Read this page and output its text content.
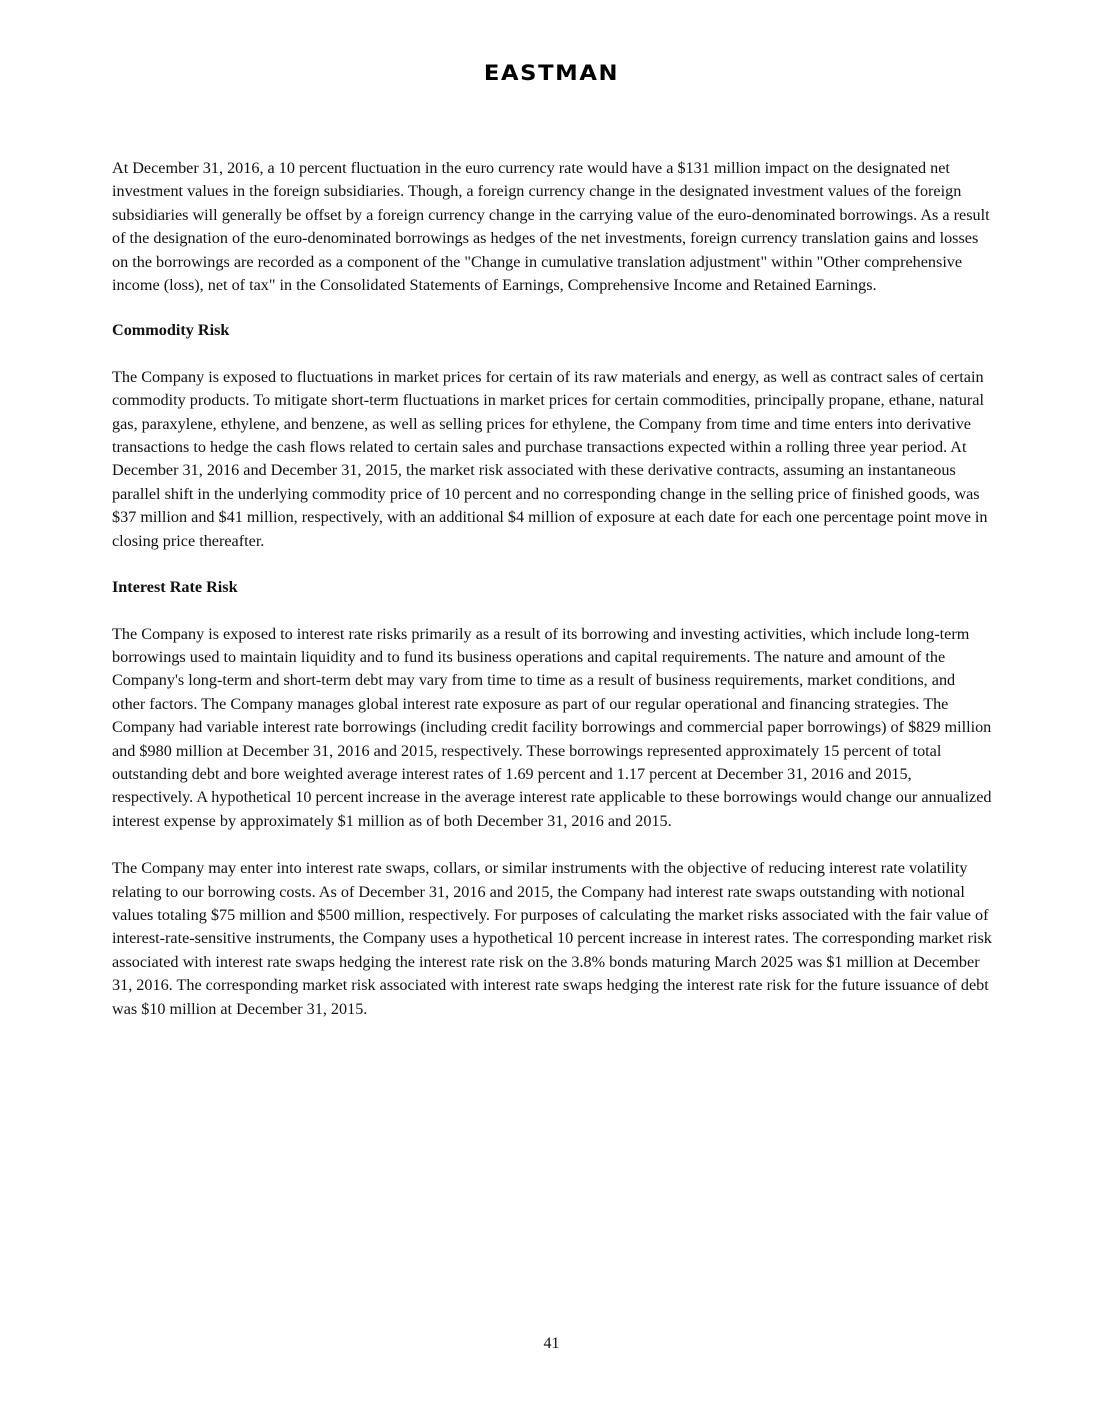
EASTMAN

At December 31, 2016, a 10 percent fluctuation in the euro currency rate would have a $131 million impact on the designated net investment values in the foreign subsidiaries. Though, a foreign currency change in the designated investment values of the foreign subsidiaries will generally be offset by a foreign currency change in the carrying value of the euro-denominated borrowings. As a result of the designation of the euro-denominated borrowings as hedges of the net investments, foreign currency translation gains and losses on the borrowings are recorded as a component of the "Change in cumulative translation adjustment" within "Other comprehensive income (loss), net of tax" in the Consolidated Statements of Earnings, Comprehensive Income and Retained Earnings.

Commodity Risk

The Company is exposed to fluctuations in market prices for certain of its raw materials and energy, as well as contract sales of certain commodity products. To mitigate short-term fluctuations in market prices for certain commodities, principally propane, ethane, natural gas, paraxylene, ethylene, and benzene, as well as selling prices for ethylene, the Company from time and time enters into derivative transactions to hedge the cash flows related to certain sales and purchase transactions expected within a rolling three year period. At December 31, 2016 and December 31, 2015, the market risk associated with these derivative contracts, assuming an instantaneous parallel shift in the underlying commodity price of 10 percent and no corresponding change in the selling price of finished goods, was $37 million and $41 million, respectively, with an additional $4 million of exposure at each date for each one percentage point move in closing price thereafter.

Interest Rate Risk

The Company is exposed to interest rate risks primarily as a result of its borrowing and investing activities, which include long-term borrowings used to maintain liquidity and to fund its business operations and capital requirements. The nature and amount of the Company's long-term and short-term debt may vary from time to time as a result of business requirements, market conditions, and other factors. The Company manages global interest rate exposure as part of our regular operational and financing strategies. The Company had variable interest rate borrowings (including credit facility borrowings and commercial paper borrowings) of $829 million and $980 million at December 31, 2016 and 2015, respectively. These borrowings represented approximately 15 percent of total outstanding debt and bore weighted average interest rates of 1.69 percent and 1.17 percent at December 31, 2016 and 2015, respectively. A hypothetical 10 percent increase in the average interest rate applicable to these borrowings would change our annualized interest expense by approximately $1 million as of both December 31, 2016 and 2015.

The Company may enter into interest rate swaps, collars, or similar instruments with the objective of reducing interest rate volatility relating to our borrowing costs. As of December 31, 2016 and 2015, the Company had interest rate swaps outstanding with notional values totaling $75 million and $500 million, respectively. For purposes of calculating the market risks associated with the fair value of interest-rate-sensitive instruments, the Company uses a hypothetical 10 percent increase in interest rates. The corresponding market risk associated with interest rate swaps hedging the interest rate risk on the 3.8% bonds maturing March 2025 was $1 million at December 31, 2016. The corresponding market risk associated with interest rate swaps hedging the interest rate risk for the future issuance of debt was $10 million at December 31, 2015.

41
